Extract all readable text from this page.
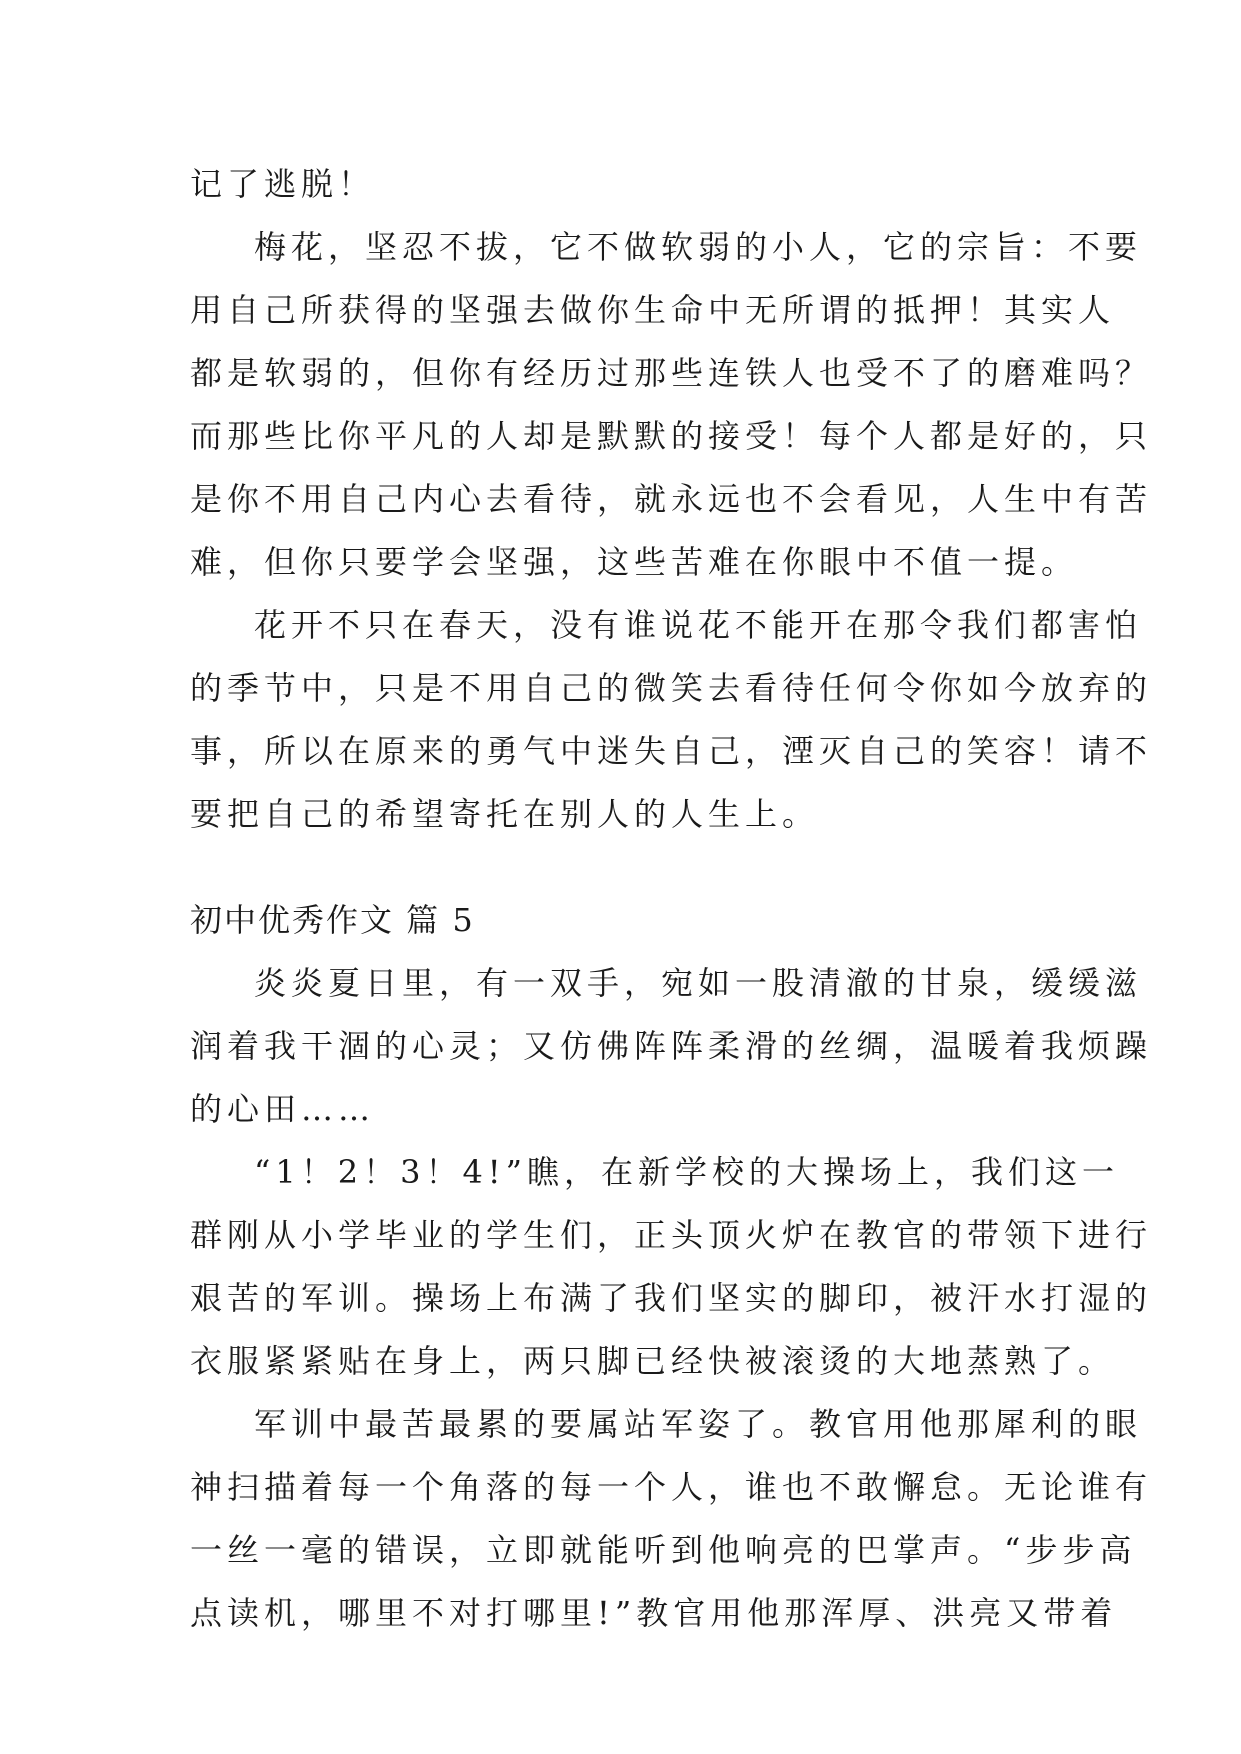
记了逃脱！

梅花，坚忍不拔，它不做软弱的小人，它的宗旨：不要

用自己所获得的坚强去做你生命中无所谓的抵押！其实人

都是软弱的，但你有经历过那些连铁人也受不了的磨难吗？

而那些比你平凡的人却是默默的接受！每个人都是好的，只

是你不用自己内心去看待，就永远也不会看见，人生中有苦

难，但你只要学会坚强，这些苦难在你眼中不值一提。

花开不只在春天，没有谁说花不能开在那令我们都害怕

的季节中，只是不用自己的微笑去看待任何令你如今放弃的

事，所以在原来的勇气中迷失自己，湮灭自己的笑容！请不

要把自己的希望寄托在别人的人生上。

初中优秀作文 篇 5

炎炎夏日里，有一双手，宛如一股清澈的甘泉，缓缓滋

润着我干涸的心灵；又仿佛阵阵柔滑的丝绸，温暖着我烦躁

的心田……

“1！2！3！4!”瞧，在新学校的大操场上，我们这一

群刚从小学毕业的学生们，正头顶火炉在教官的带领下进行

艰苦的军训。操场上布满了我们坚实的脚印，被汗水打湿的

衣服紧紧贴在身上，两只脚已经快被滚烫的大地蒸熟了。

军训中最苦最累的要属站军姿了。教官用他那犀利的眼

神扫描着每一个角落的每一个人，谁也不敢懈怠。无论谁有

一丝一毫的错误，立即就能听到他响亮的巴掌声。“步步高

点读机，哪里不对打哪里!”教官用他那浑厚、洪亮又带着
